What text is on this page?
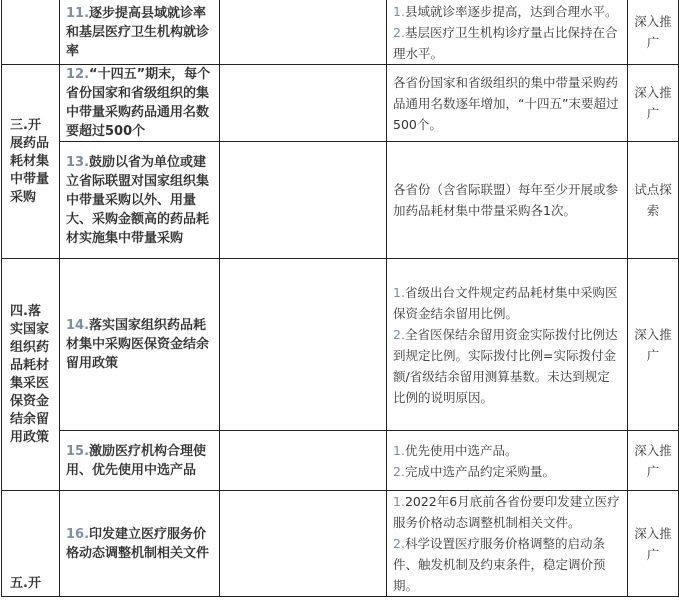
	11.逐步提高县域就诊率和基层医疗卫生机构就诊率		1.县域就诊率逐步提高，达到合理水平。
2.基层医疗卫生机构诊疗量占比保持在合理水平。	深入推广
三.开展药品耗材集中带量采购	12.“十四五”期末，每个省份国家和省级组织的集中带量采购药品通用名数要超过500个		各省份国家和省级组织的集中带量采购药品通用名数逐年增加，“十四五”末要超过500个。	深入推广
	13.鼓励以省为单位或建立省际联盟对国家组织集中带量采购以外、用量大、采购金额高的药品耗材实施集中带量采购		各省份（含省际联盟）每年至少开展或参加药品耗材集中带量采购各1次。	试点探索
四.落实国家组织药品耗材集采医保资金结余留用政策	14.落实国家组织药品耗材集中采购医保资金结余留用政策		1.省级出台文件规定药品耗材集中采购医保资金结余留用比例。
2.全省医保结余留用资金实际拨付比例达到规定比例。实际拨付比例=实际拨付金额/省级结余留用测算基数。未达到规定比例的说明原因。	深入推广
	15.激励医疗机构合理使用、优先使用中选产品		1.优先使用中选产品。
2.完成中选产品约定采购量。	深入推广

五.开	16.印发建立医疗服务价格动态调整机制相关文件		1.2022年6月底前各省份要印发建立医疗服务价格动态调整机制相关文件。
2.科学设置医疗服务价格调整的启动条件、触发机制及约束条件，稳定调价预期。	深入推广
